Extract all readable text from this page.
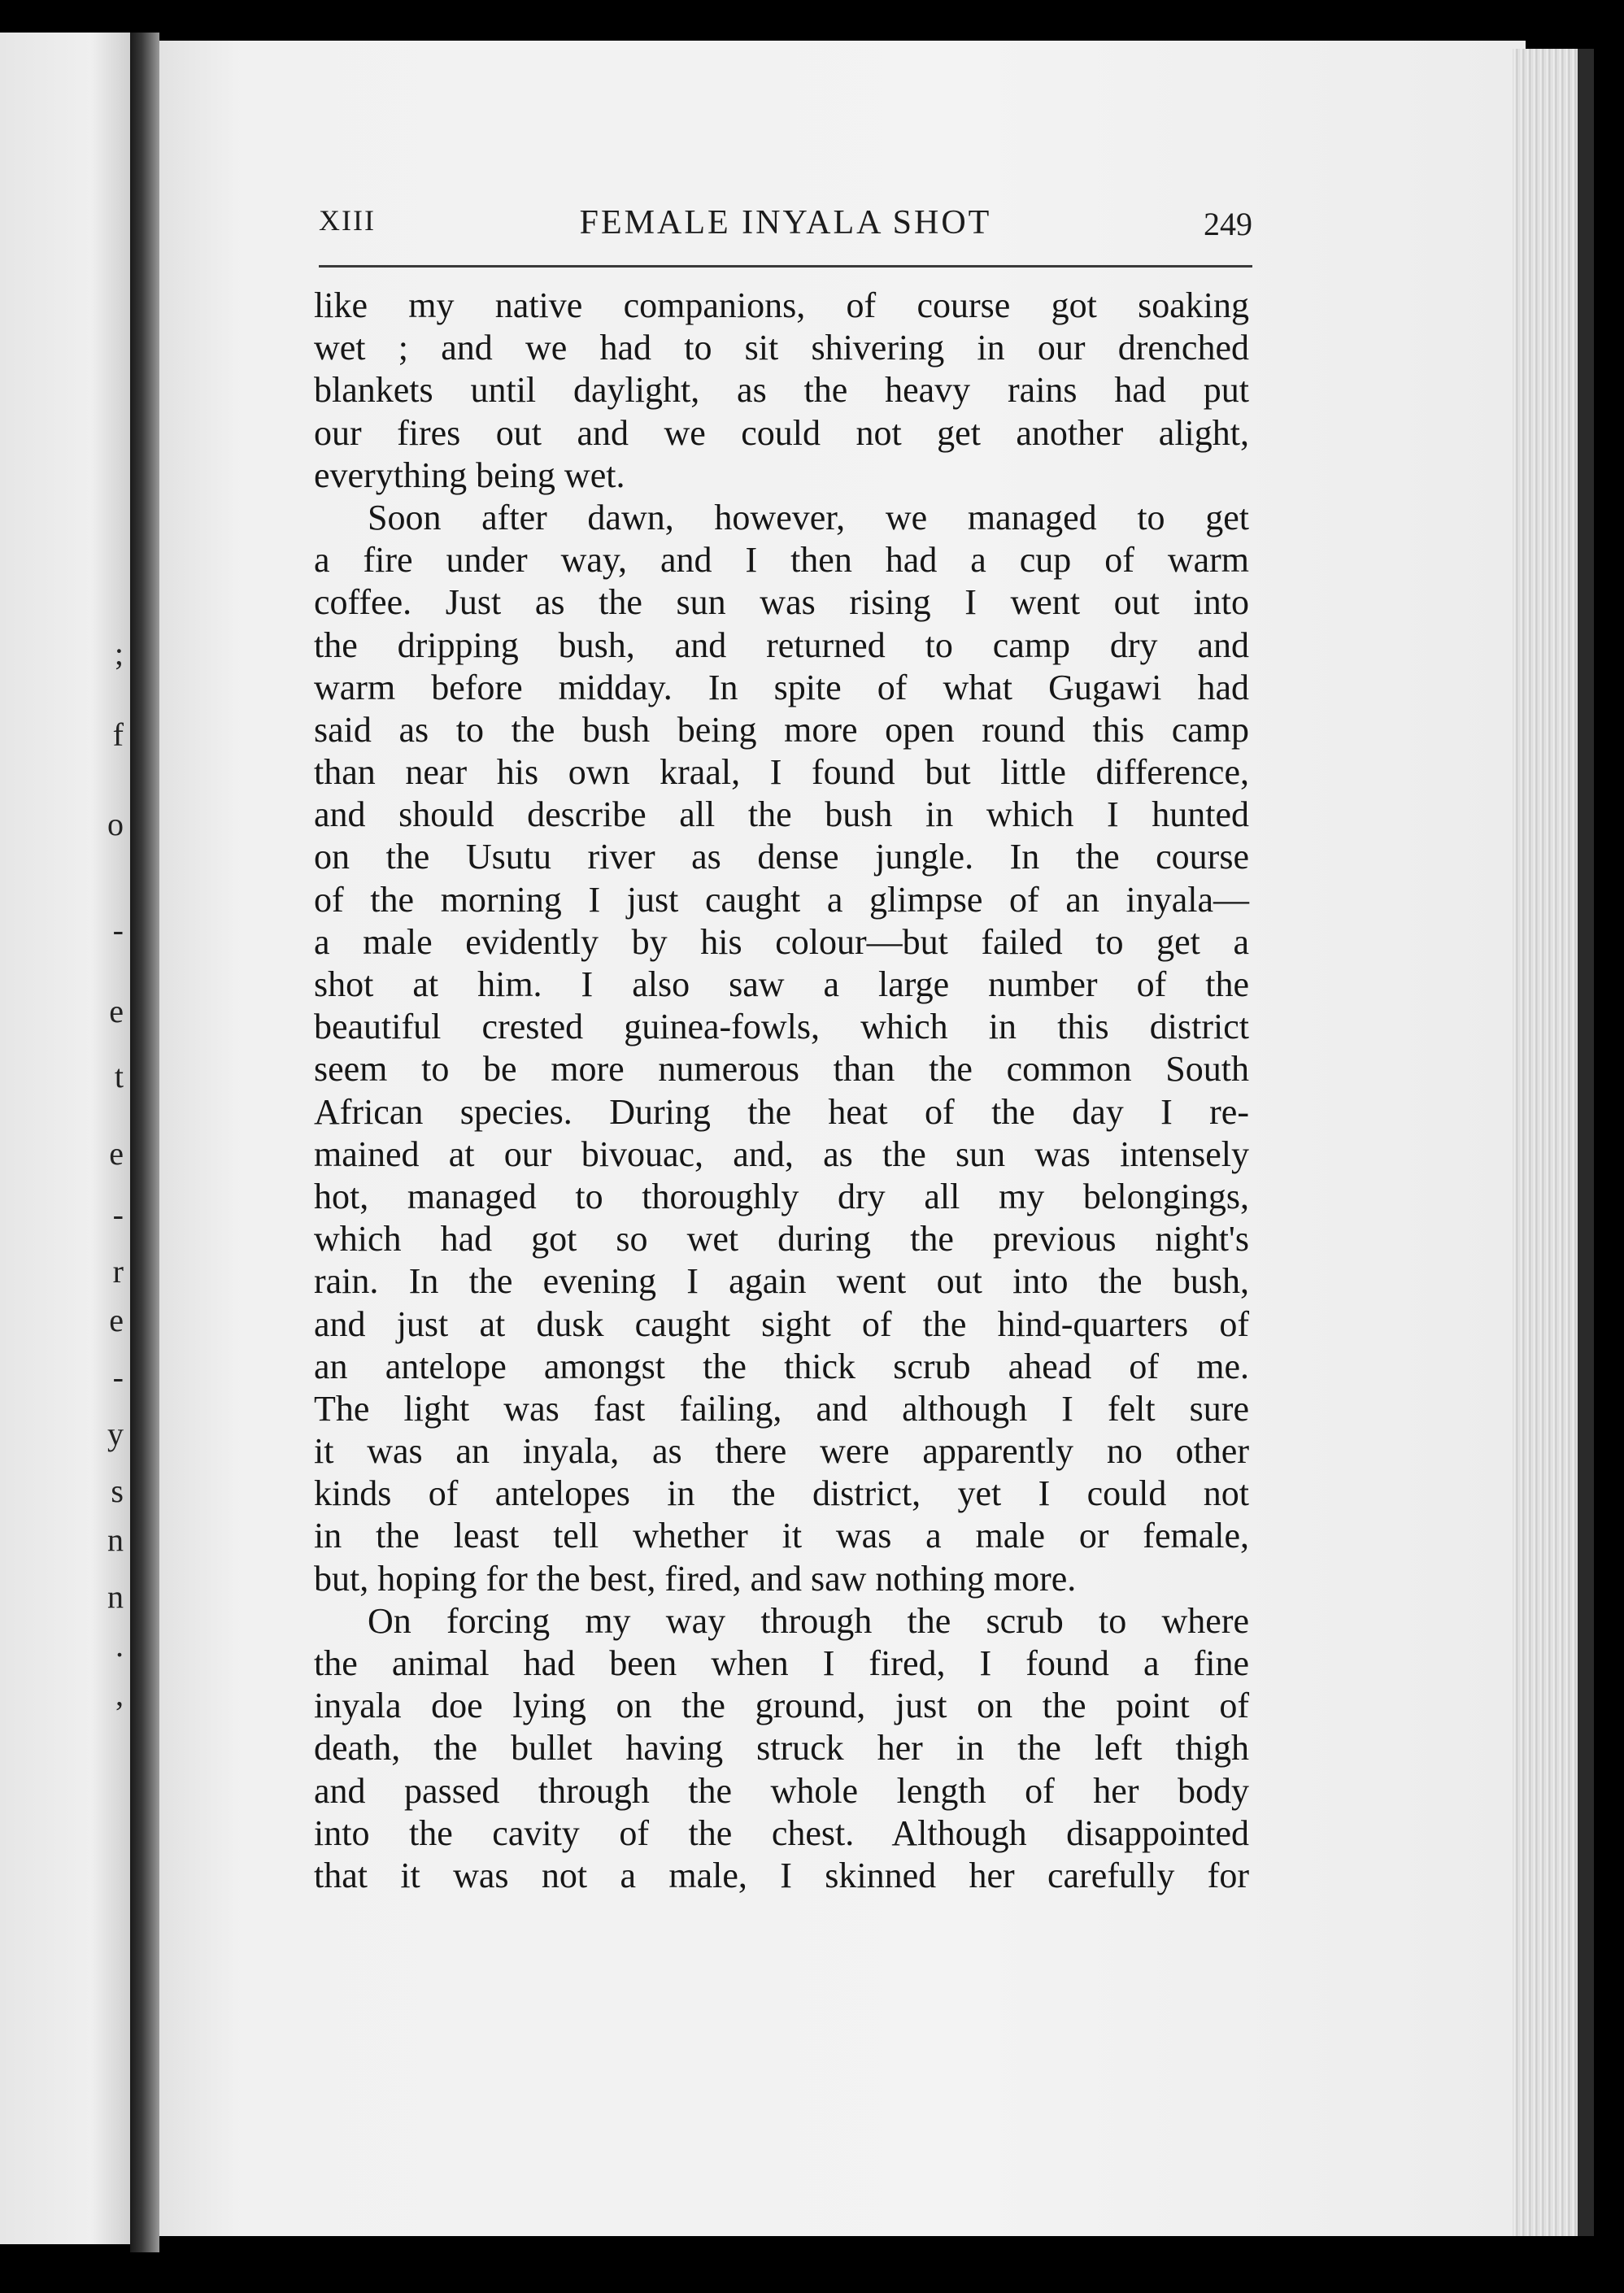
;
f
o
-
e
t
e
-
r
e
-
y
s
n
n
.
,
XIII	FEMALE INYALA SHOT	249
like my native companions, of course got soaking
wet ; and we had to sit shivering in our drenched
blankets until daylight, as the heavy rains had put
our fires out and we could not get another alight,
everything being wet.
Soon after dawn, however, we managed to get
a fire under way, and I then had a cup of warm
coffee. Just as the sun was rising I went out into
the dripping bush, and returned to camp dry and
warm before midday. In spite of what Gugawi had
said as to the bush being more open round this camp
than near his own kraal, I found but little difference,
and should describe all the bush in which I hunted
on the Usutu river as dense jungle. In the course
of the morning I just caught a glimpse of an inyala—
a male evidently by his colour—but failed to get a
shot at him. I also saw a large number of the
beautiful crested guinea-fowls, which in this district
seem to be more numerous than the common South
African species. During the heat of the day I re-
mained at our bivouac, and, as the sun was intensely
hot, managed to thoroughly dry all my belongings,
which had got so wet during the previous night's
rain. In the evening I again went out into the bush,
and just at dusk caught sight of the hind-quarters of
an antelope amongst the thick scrub ahead of me.
The light was fast failing, and although I felt sure
it was an inyala, as there were apparently no other
kinds of antelopes in the district, yet I could not
in the least tell whether it was a male or female,
but, hoping for the best, fired, and saw nothing more.
On forcing my way through the scrub to where
the animal had been when I fired, I found a fine
inyala doe lying on the ground, just on the point of
death, the bullet having struck her in the left thigh
and passed through the whole length of her body
into the cavity of the chest. Although disappointed
that it was not a male, I skinned her carefully for
